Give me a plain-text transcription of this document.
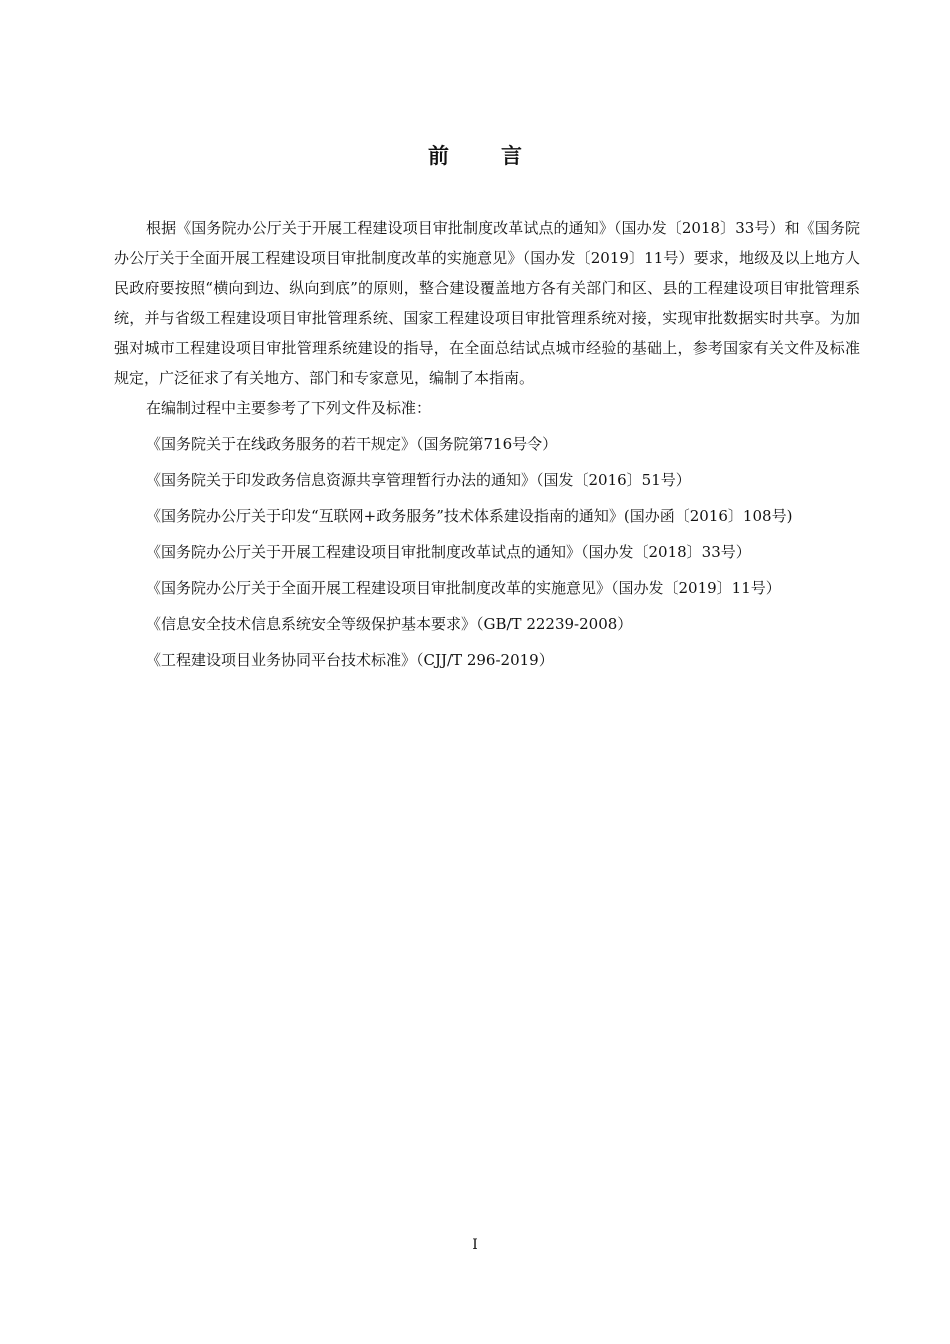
前言

根据《国务院办公厅关于开展工程建设项目审批制度改革试点的通知》（国办发〔2018〕33号）和《国务院办公厅关于全面开展工程建设项目审批制度改革的实施意见》（国办发〔2019〕11号）要求，地级及以上地方人民政府要按照“横向到边、纵向到底”的原则，整合建设覆盖地方各有关部门和区、县的工程建设项目审批管理系统，并与省级工程建设项目审批管理系统、国家工程建设项目审批管理系统对接，实现审批数据实时共享。为加强对城市工程建设项目审批管理系统建设的指导，在全面总结试点城市经验的基础上，参考国家有关文件及标准规定，广泛征求了有关地方、部门和专家意见，编制了本指南。

在编制过程中主要参考了下列文件及标准：

《国务院关于在线政务服务的若干规定》（国务院第716号令）
《国务院关于印发政务信息资源共享管理暂行办法的通知》（国发〔2016〕51号）
《国务院办公厅关于印发“互联网+政务服务”技术体系建设指南的通知》(国办函〔2016〕108号)
《国务院办公厅关于开展工程建设项目审批制度改革试点的通知》（国办发〔2018〕33号）
《国务院办公厅关于全面开展工程建设项目审批制度改革的实施意见》（国办发〔2019〕11号）
《信息安全技术信息系统安全等级保护基本要求》（GB/T 22239-2008）
《工程建设项目业务协同平台技术标准》（CJJ/T 296-2019）
I
